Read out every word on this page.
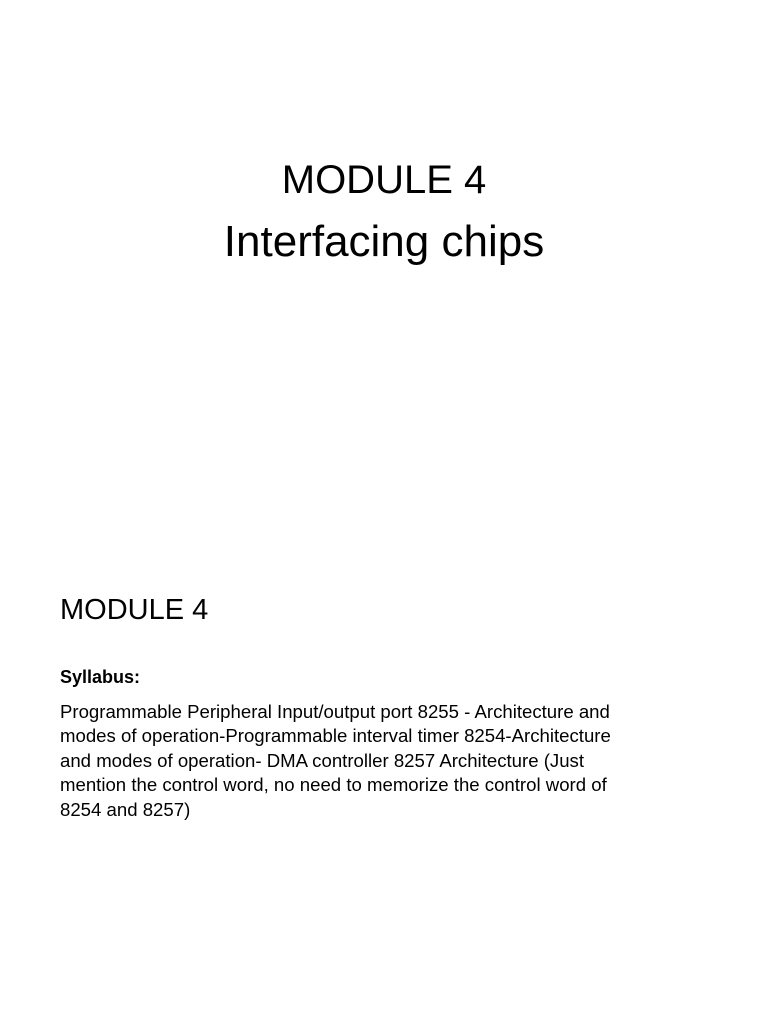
MODULE 4
Interfacing chips
MODULE 4
Syllabus:
Programmable Peripheral Input/output port 8255 - Architecture and
modes of operation-Programmable interval timer 8254-Architecture
and modes of operation- DMA controller 8257 Architecture (Just
mention the control word, no need to memorize the control word of
8254 and 8257)
